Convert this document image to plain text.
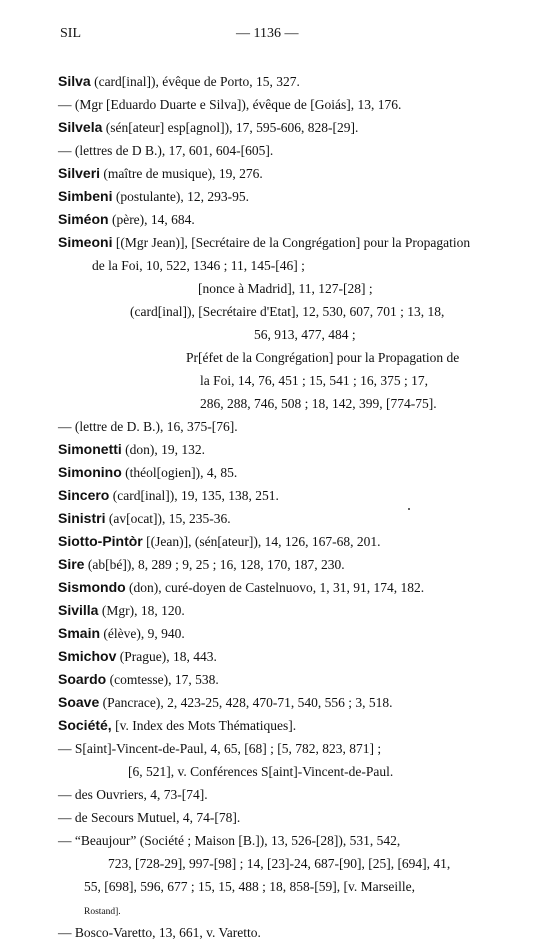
SIL	— 1136 —
Silva (card[inal]), évêque de Porto, 15, 327.
— (Mgr [Eduardo Duarte e Silva]), évêque de [Goiás], 13, 176.
Silvela (sén[ateur] esp[agnol]), 17, 595-606, 828-[29].
— (lettres de D B.), 17, 601, 604-[605].
Silveri (maître de musique), 19, 276.
Simbeni (postulante), 12, 293-95.
Siméon (père), 14, 684.
Simeoni [(Mgr Jean)], [Secrétaire de la Congrégation] pour la Propagation
de la Foi, 10, 522, 1346 ; 11, 145-[46] ;
[nonce à Madrid], 11, 127-[28] ;
(card[inal]), [Secrétaire d'Etat], 12, 530, 607, 701 ; 13, 18,
56, 913, 477, 484 ;
Pr[éfet de la Congrégation] pour la Propagation de
la Foi, 14, 76, 451 ; 15, 541 ; 16, 375 ; 17,
286, 288, 746, 508 ; 18, 142, 399, [774-75].
— (lettre de D. B.), 16, 375-[76].
Simonetti (don), 19, 132.
Simonino (théol[ogien]), 4, 85.
Sincero (card[inal]), 19, 135, 138, 251.
Sinistri (av[ocat]), 15, 235-36.
Siotto-Pintòr [(Jean)], (sén[ateur]), 14, 126, 167-68, 201.
Sire (ab[bé]), 8, 289 ; 9, 25 ; 16, 128, 170, 187, 230.
Sismondo (don), curé-doyen de Castelnuovo, 1, 31, 91, 174, 182.
Sivilla (Mgr), 18, 120.
Smain (élève), 9, 940.
Smichov (Prague), 18, 443.
Soardo (comtesse), 17, 538.
Soave (Pancrace), 2, 423-25, 428, 470-71, 540, 556 ; 3, 518.
Société, [v. Index des Mots Thématiques].
— S[aint]-Vincent-de-Paul, 4, 65, [68] ; [5, 782, 823, 871] ;
[6, 521], v. Conférences S[aint]-Vincent-de-Paul.
— des Ouvriers, 4, 73-[74].
— de Secours Mutuel, 4, 74-[78].
— “Beaujour” (Société ; Maison [B.]), 13, 526-[28]), 531, 542,
723, [728-29], 997-[98] ; 14, [23]-24, 687-[90], [25], [694], 41,
55, [698], 596, 677 ; 15, 15, 488 ; 18, 858-[59], [v. Marseille,
Rostand].
— Bosco-Varetto, 13, 661, v. Varetto.
